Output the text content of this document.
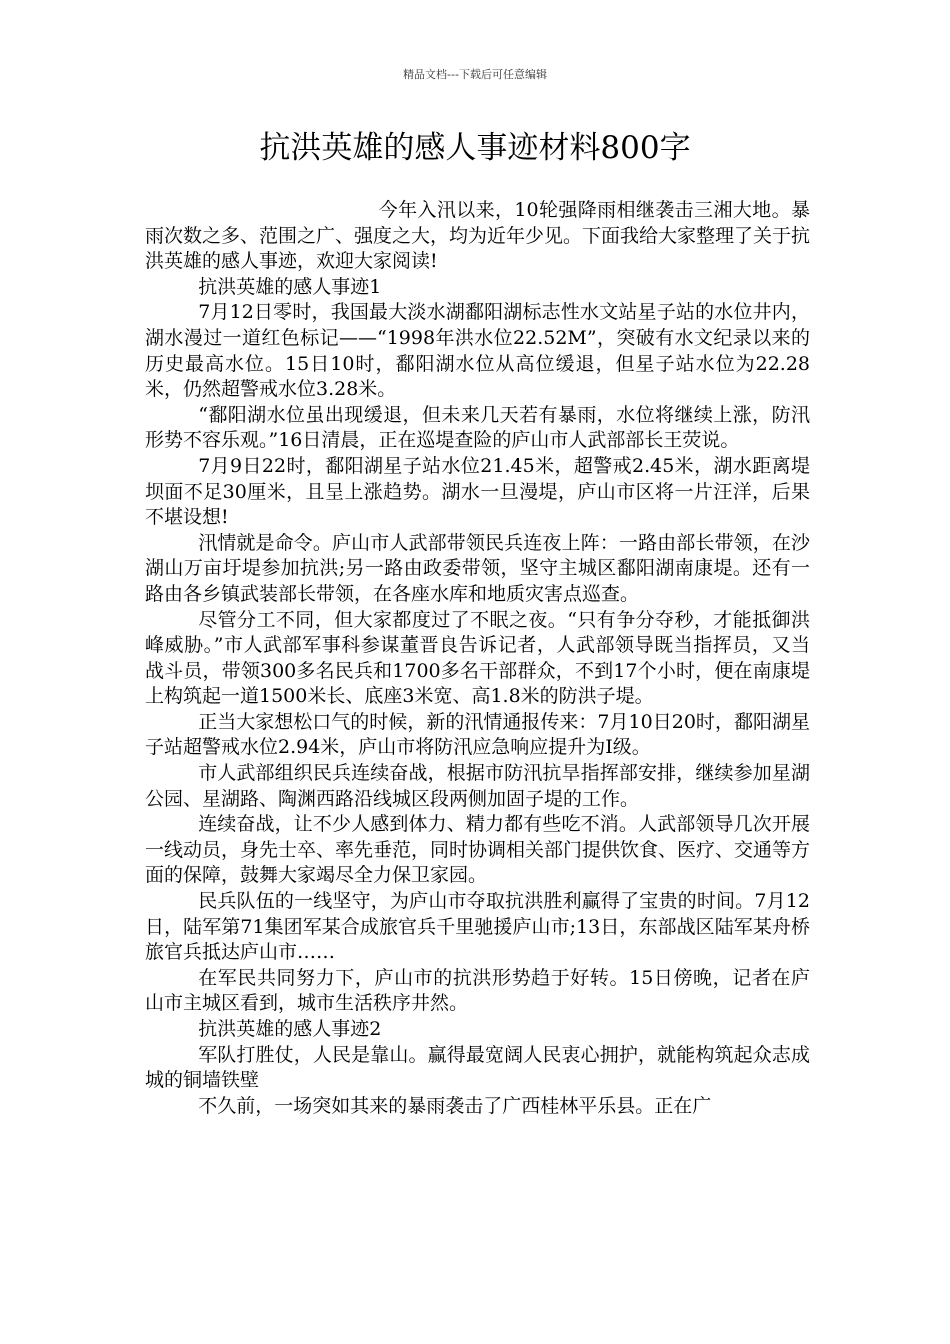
精品文档---下载后可任意编辑
抗洪英雄的感人事迹材料800字

今年入汛以来，10轮强降雨相继袭击三湘大地。暴雨次数之多、范围之广、强度之大，均为近年少见。下面我给大家整理了关于抗洪英雄的感人事迹，欢迎大家阅读!

抗洪英雄的感人事迹1

7月12日零时，我国最大淡水湖鄱阳湖标志性水文站星子站的水位井内，湖水漫过一道红色标记——“1998年洪水位22.52M”，突破有水文纪录以来的历史最高水位。15日10时，鄱阳湖水位从高位缓退，但星子站水位为22.28米，仍然超警戒水位3.28米。

“鄱阳湖水位虽出现缓退，但未来几天若有暴雨，水位将继续上涨，防汛形势不容乐观。”16日清晨，正在巡堤查险的庐山市人武部部长王荧说。

7月9日22时，鄱阳湖星子站水位21.45米，超警戒2.45米，湖水距离堤坝面不足30厘米，且呈上涨趋势。湖水一旦漫堤，庐山市区将一片汪洋，后果不堪设想!

汛情就是命令。庐山市人武部带领民兵连夜上阵：一路由部长带领，在沙湖山万亩圩堤参加抗洪;另一路由政委带领，坚守主城区鄱阳湖南康堤。还有一路由各乡镇武装部长带领，在各座水库和地质灾害点巡查。

尽管分工不同，但大家都度过了不眠之夜。“只有争分夺秒，才能抵御洪峰威胁。”市人武部军事科参谋董晋良告诉记者，人武部领导既当指挥员，又当战斗员，带领300多名民兵和1700多名干部群众，不到17个小时，便在南康堤上构筑起一道1500米长、底座3米宽、高1.8米的防洪子堤。

正当大家想松口气的时候，新的汛情通报传来：7月10日20时，鄱阳湖星子站超警戒水位2.94米，庐山市将防汛应急响应提升为Ⅰ级。

市人武部组织民兵连续奋战，根据市防汛抗旱指挥部安排，继续参加星湖公园、星湖路、陶渊西路沿线城区段两侧加固子堤的工作。

连续奋战，让不少人感到体力、精力都有些吃不消。人武部领导几次开展一线动员，身先士卒、率先垂范，同时协调相关部门提供饮食、医疗、交通等方面的保障，鼓舞大家竭尽全力保卫家园。

民兵队伍的一线坚守，为庐山市夺取抗洪胜利赢得了宝贵的时间。7月12日，陆军第71集团军某合成旅官兵千里驰援庐山市;13日，东部战区陆军某舟桥旅官兵抵达庐山市……

在军民共同努力下，庐山市的抗洪形势趋于好转。15日傍晚，记者在庐山市主城区看到，城市生活秩序井然。

抗洪英雄的感人事迹2

军队打胜仗，人民是靠山。赢得最宽阔人民衷心拥护，就能构筑起众志成城的铜墙铁壁

不久前，一场突如其来的暴雨袭击了广西桂林平乐县。正在广
